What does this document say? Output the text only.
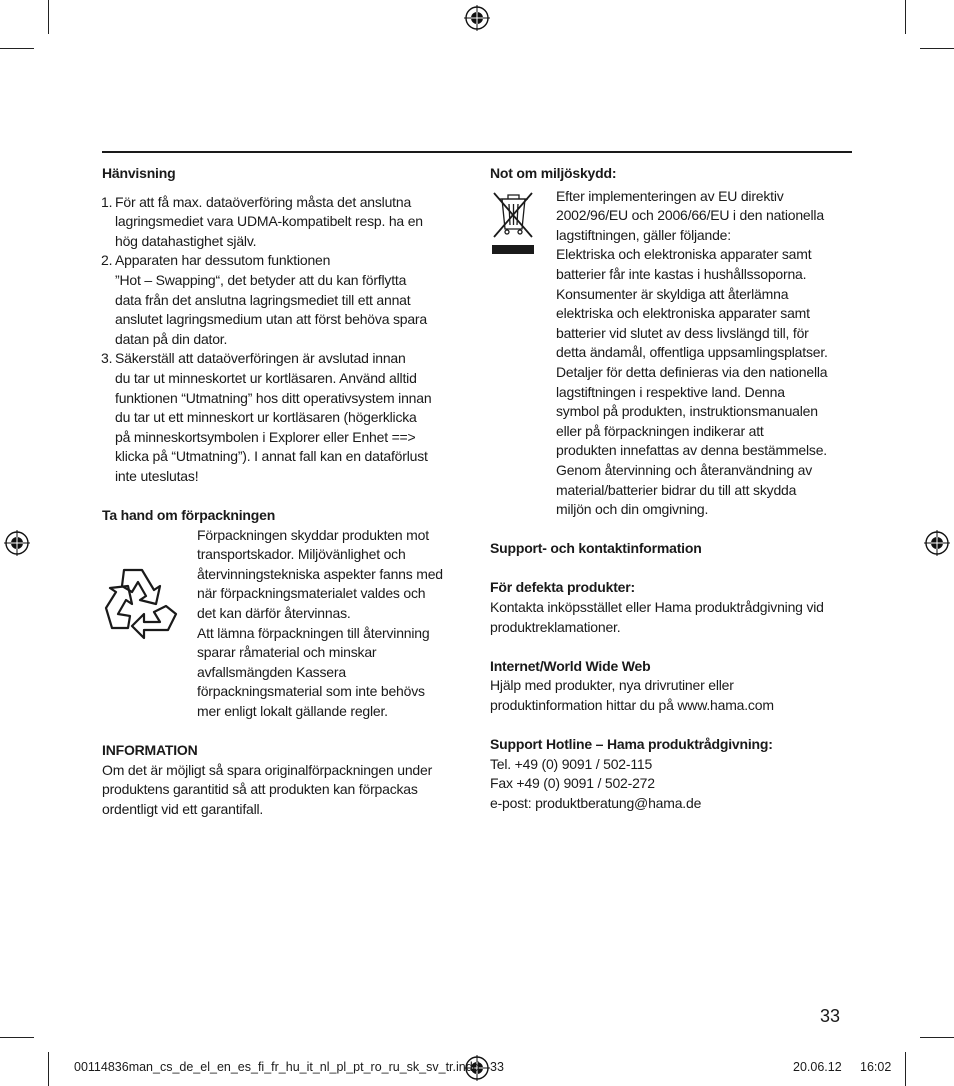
Hänvisning

1. För att få max. dataöverföring måsta det anslutna
lagringsmediet vara UDMA-kompatibelt resp. ha en
hög datahastighet själv.
2. Apparaten har dessutom funktionen
”Hot – Swapping“, det betyder att du kan förflytta
data från det anslutna lagringsmediet till ett annat
anslutet lagringsmedium utan att först behöva spara
datan på din dator.
3. Säkerställ att dataöverföringen är avslutad innan
du tar ut minneskortet ur kortläsaren. Använd alltid
funktionen “Utmatning” hos ditt operativsystem innan
du tar ut ett minneskort ur kortläsaren (högerklicka
på minneskortsymbolen i Explorer eller Enhet ==>
klicka på “Utmatning”). I annat fall kan en dataförlust
inte uteslutas!

Ta hand om förpackningen

Förpackningen skyddar produkten mot
transportskador. Miljövänlighet och
återvinningstekniska aspekter fanns med
när förpackningsmaterialet valdes och
det kan därför återvinnas.
Att lämna förpackningen till återvinning
sparar råmaterial och minskar
avfallsmängden Kassera
förpackningsmaterial som inte behövs
mer enligt lokalt gällande regler.

INFORMATION

Om det är möjligt så spara originalförpackningen under
produktens garantitid så att produkten kan förpackas
ordentligt vid ett garantifall.

Not om miljöskydd:

Efter implementeringen av EU direktiv
2002/96/EU och 2006/66/EU i den nationella
lagstiftningen, gäller följande:
Elektriska och elektroniska apparater samt
batterier får inte kastas i hushållssoporna.
Konsumenter är skyldiga att återlämna
elektriska och elektroniska apparater samt
batterier vid slutet av dess livslängd till, för
detta ändamål, offentliga uppsamlingsplatser.
Detaljer för detta definieras via den nationella
lagstiftningen i respektive land. Denna
symbol på produkten, instruktionsmanualen
eller på förpackningen indikerar att
produkten innefattas av denna bestämmelse.
Genom återvinning och återanvändning av
material/batterier bidrar du till att skydda
miljön och din omgivning.

Support- och kontaktinformation

För defekta produkter:

Kontakta inköpsstället eller Hama produktrådgivning vid
produktreklamationer.

Internet/World Wide Web

Hjälp med produkter, nya drivrutiner eller
produktinformation hittar du på www.hama.com

Support Hotline – Hama produktrådgivning:

Tel. +49 (0) 9091 / 502-115
Fax +49 (0) 9091 / 502-272
e-post: produktberatung@hama.de
33
00114836man_cs_de_el_en_es_fi_fr_hu_it_nl_pl_pt_ro_ru_sk_sv_tr.indd   33	20.06.12 16:02
